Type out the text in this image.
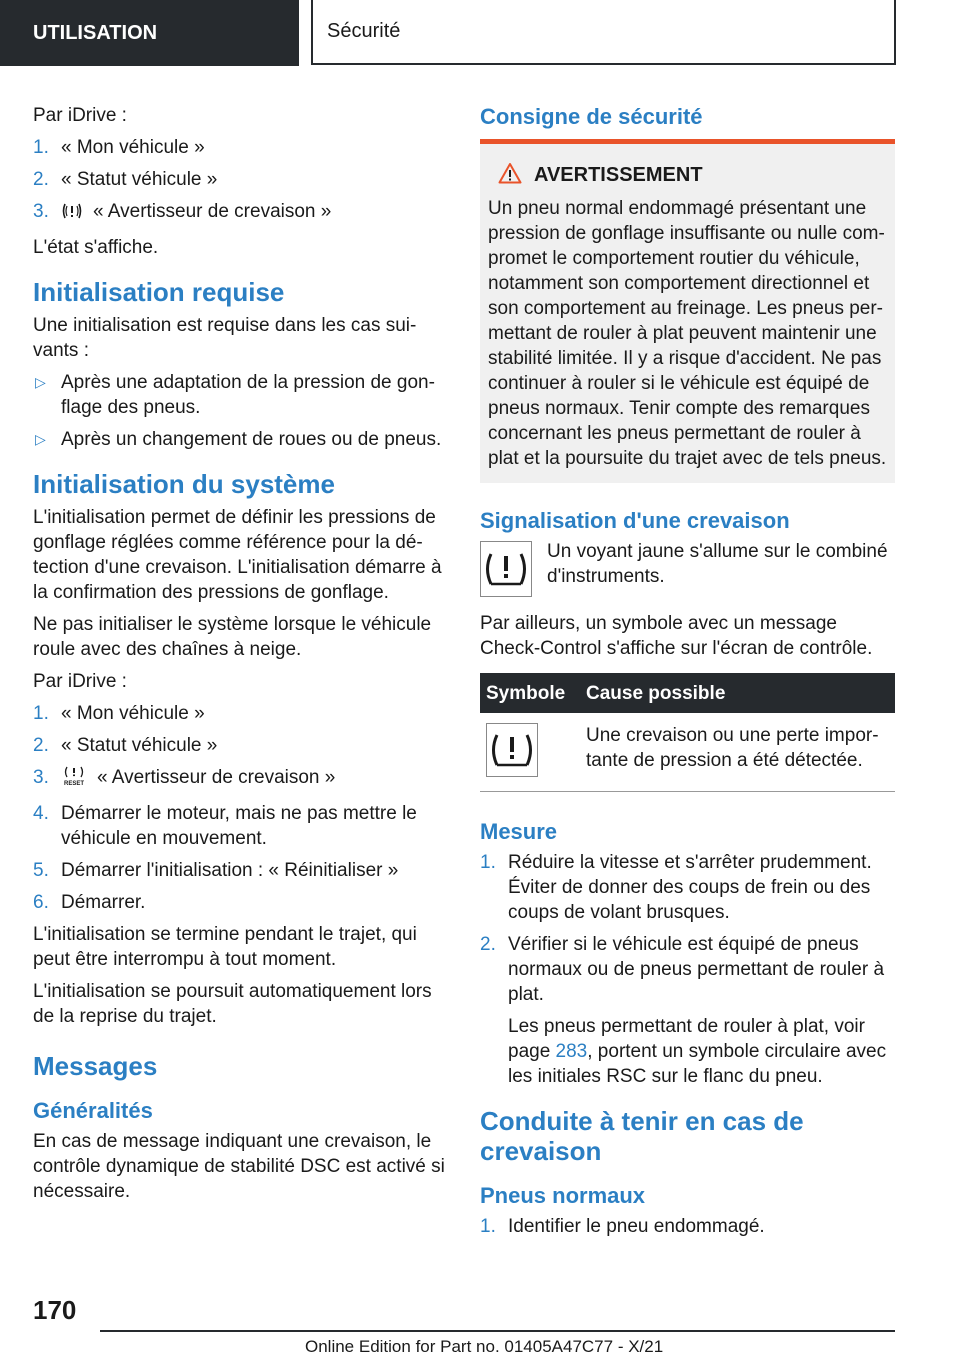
UTILISATION	Sécurité

Par iDrive :

1. « Mon véhicule »
2. « Statut véhicule »
3. « Avertisseur de crevaison »

L'état s'affiche.

Initialisation requise

Une initialisation est requise dans les cas sui-vants :

▷ Après une adaptation de la pression de gon-flage des pneus.
▷ Après un changement de roues ou de pneus.
Initialisation du système

L'initialisation permet de définir les pressions de gonflage réglées comme référence pour la dé-tection d'une crevaison. L'initialisation démarre à la confirmation des pressions de gonflage.

Ne pas initialiser le système lorsque le véhicule roule avec des chaînes à neige.

Par iDrive :

1. « Mon véhicule »
2. « Statut véhicule »
3.	RESET « Avertisseur de crevaison »
4. Démarrer le moteur, mais ne pas mettre le véhicule en mouvement.
5. Démarrer l'initialisation : « Réinitialiser »
6. Démarrer.

L'initialisation se termine pendant le trajet, qui peut être interrompu à tout moment.

L'initialisation se poursuit automatiquement lors de la reprise du trajet.

Messages
Généralités

En cas de message indiquant une crevaison, le contrôle dynamique de stabilité DSC est activé si nécessaire.

Consigne de sécurité
AVERTISSEMENT
Un pneu normal endommagé présentant une pression de gonflage insuffisante ou nulle com-promet le comportement routier du véhicule, notamment son comportement directionnel et son comportement au freinage. Les pneus per-mettant de rouler à plat peuvent maintenir une stabilité limitée. Il y a risque d'accident. Ne pas continuer à rouler si le véhicule est équipé de pneus normaux. Tenir compte des remarques concernant les pneus permettant de rouler à plat et la poursuite du trajet avec de tels pneus.
Signalisation d'une crevaison
Un voyant jaune s'allume sur le combiné d'instruments.

Par ailleurs, un symbole avec un message Check-Control s'affiche sur l'écran de contrôle.

Symbole	Cause possible

	Une crevaison ou une perte impor-tante de pression a été détectée.
Mesure
1. Réduire la vitesse et s'arrêter prudemment. Éviter de donner des coups de frein ou des coups de volant brusques.
2. Vérifier si le véhicule est équipé de pneus normaux ou de pneus permettant de rouler à plat.
Les pneus permettant de rouler à plat, voir page 283, portent un symbole circulaire avec les initiales RSC sur le flanc du pneu.
Conduite à tenir en cas de crevaison
Pneus normaux
1. Identifier le pneu endommagé.
170
Online Edition for Part no. 01405A47C77 - X/21
